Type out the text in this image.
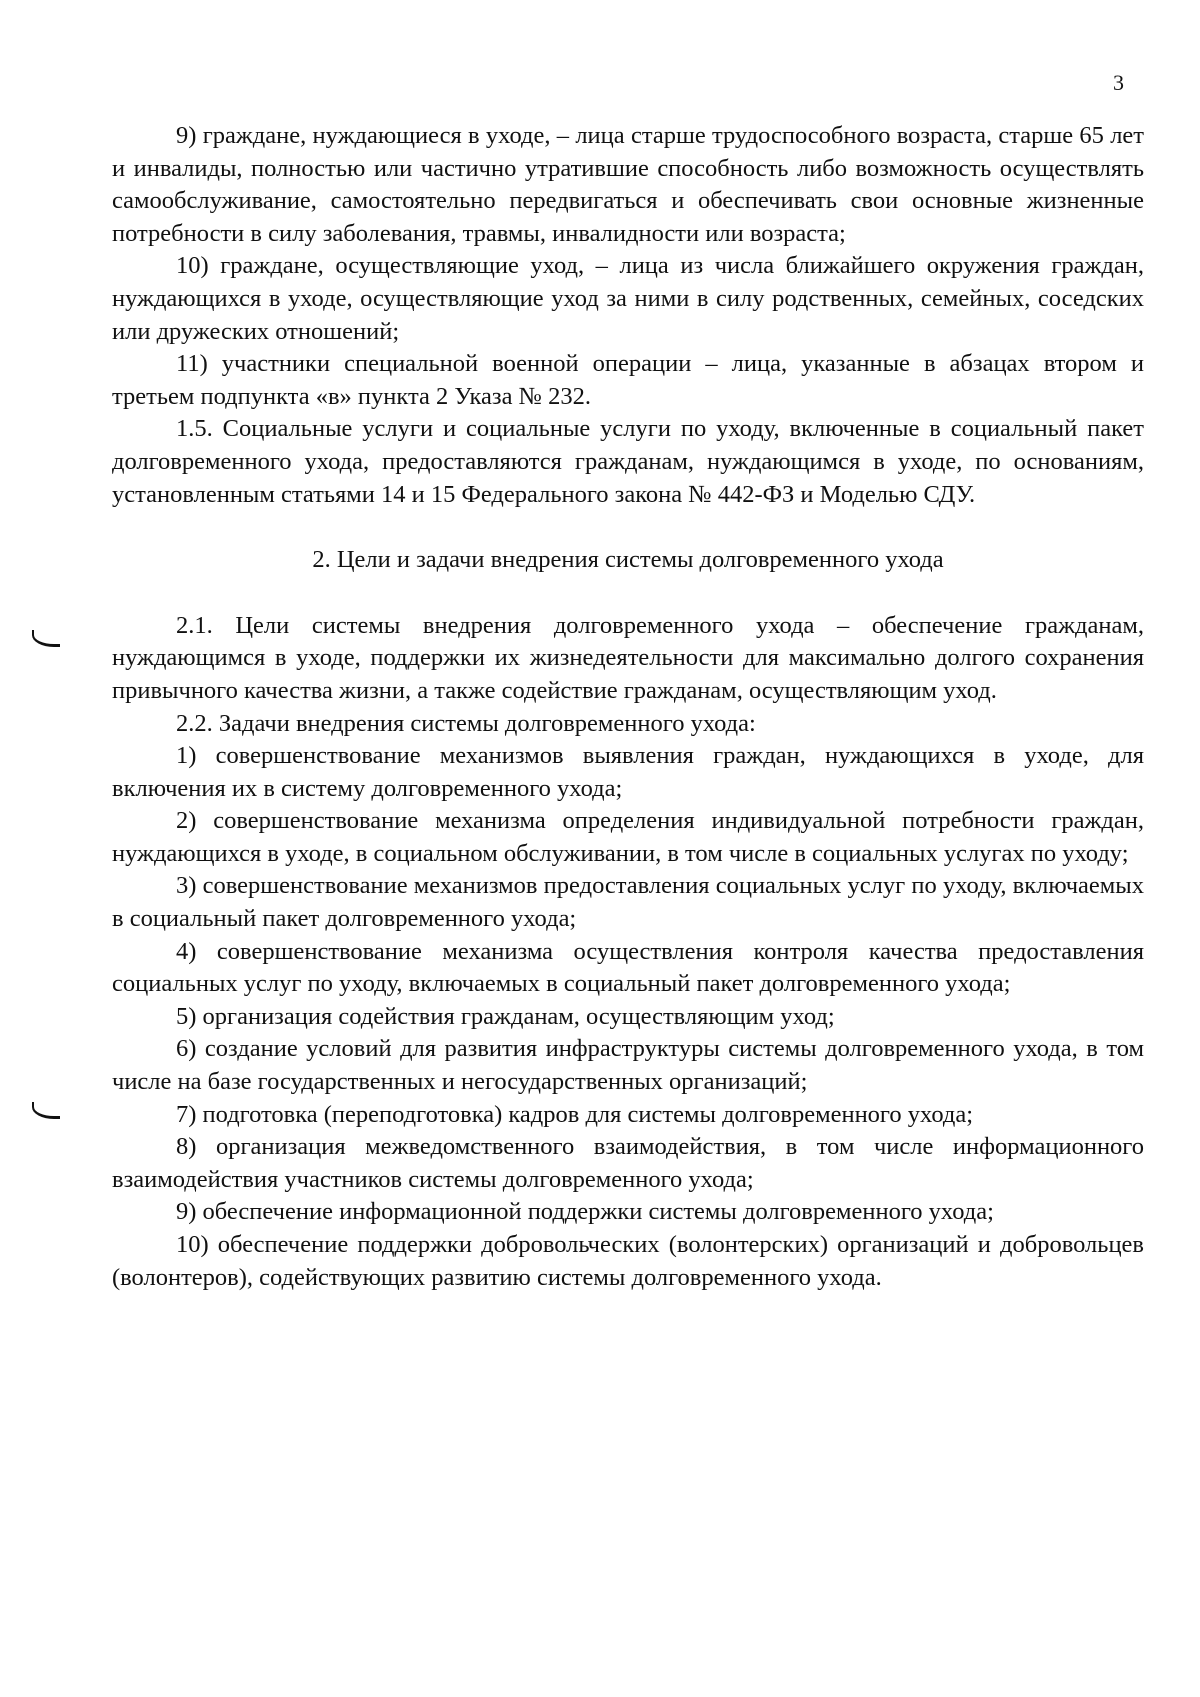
3

9) граждане, нуждающиеся в уходе, – лица старше трудоспособного возраста, старше 65 лет и инвалиды, полностью или частично утратившие способность либо возможность осуществлять самообслуживание, самостоятельно передвигаться и обеспечивать свои основные жизненные потребности в силу заболевания, травмы, инвалидности или возраста;

10) граждане, осуществляющие уход, – лица из числа ближайшего окружения граждан, нуждающихся в уходе, осуществляющие уход за ними в силу родственных, семейных, соседских или дружеских отношений;

11) участники специальной военной операции – лица, указанные в абзацах втором и третьем подпункта «в» пункта 2 Указа № 232.

1.5. Социальные услуги и социальные услуги по уходу, включенные в социальный пакет долговременного ухода, предоставляются гражданам, нуждающимся в уходе, по основаниям, установленным статьями 14 и 15 Федерального закона № 442-ФЗ и Моделью СДУ.

2. Цели и задачи внедрения системы долговременного ухода

2.1. Цели системы внедрения долговременного ухода – обеспечение гражданам, нуждающимся в уходе, поддержки их жизнедеятельности для максимально долгого сохранения привычного качества жизни, а также содействие гражданам, осуществляющим уход.

2.2. Задачи внедрения системы долговременного ухода:

1) совершенствование механизмов выявления граждан, нуждающихся в уходе, для включения их в систему долговременного ухода;

2) совершенствование механизма определения индивидуальной потребности граждан, нуждающихся в уходе, в социальном обслуживании, в том числе в социальных услугах по уходу;

3) совершенствование механизмов предоставления социальных услуг по уходу, включаемых в социальный пакет долговременного ухода;

4) совершенствование механизма осуществления контроля качества предоставления социальных услуг по уходу, включаемых в социальный пакет долговременного ухода;

5) организация содействия гражданам, осуществляющим уход;

6) создание условий для развития инфраструктуры системы долговременного ухода, в том числе на базе государственных и негосударственных организаций;

7) подготовка (переподготовка) кадров для системы долговременного ухода;

8) организация межведомственного взаимодействия, в том числе информационного взаимодействия участников системы долговременного ухода;

9) обеспечение информационной поддержки системы долговременного ухода;

10) обеспечение поддержки добровольческих (волонтерских) организаций и добровольцев (волонтеров), содействующих развитию системы долговременного ухода.
